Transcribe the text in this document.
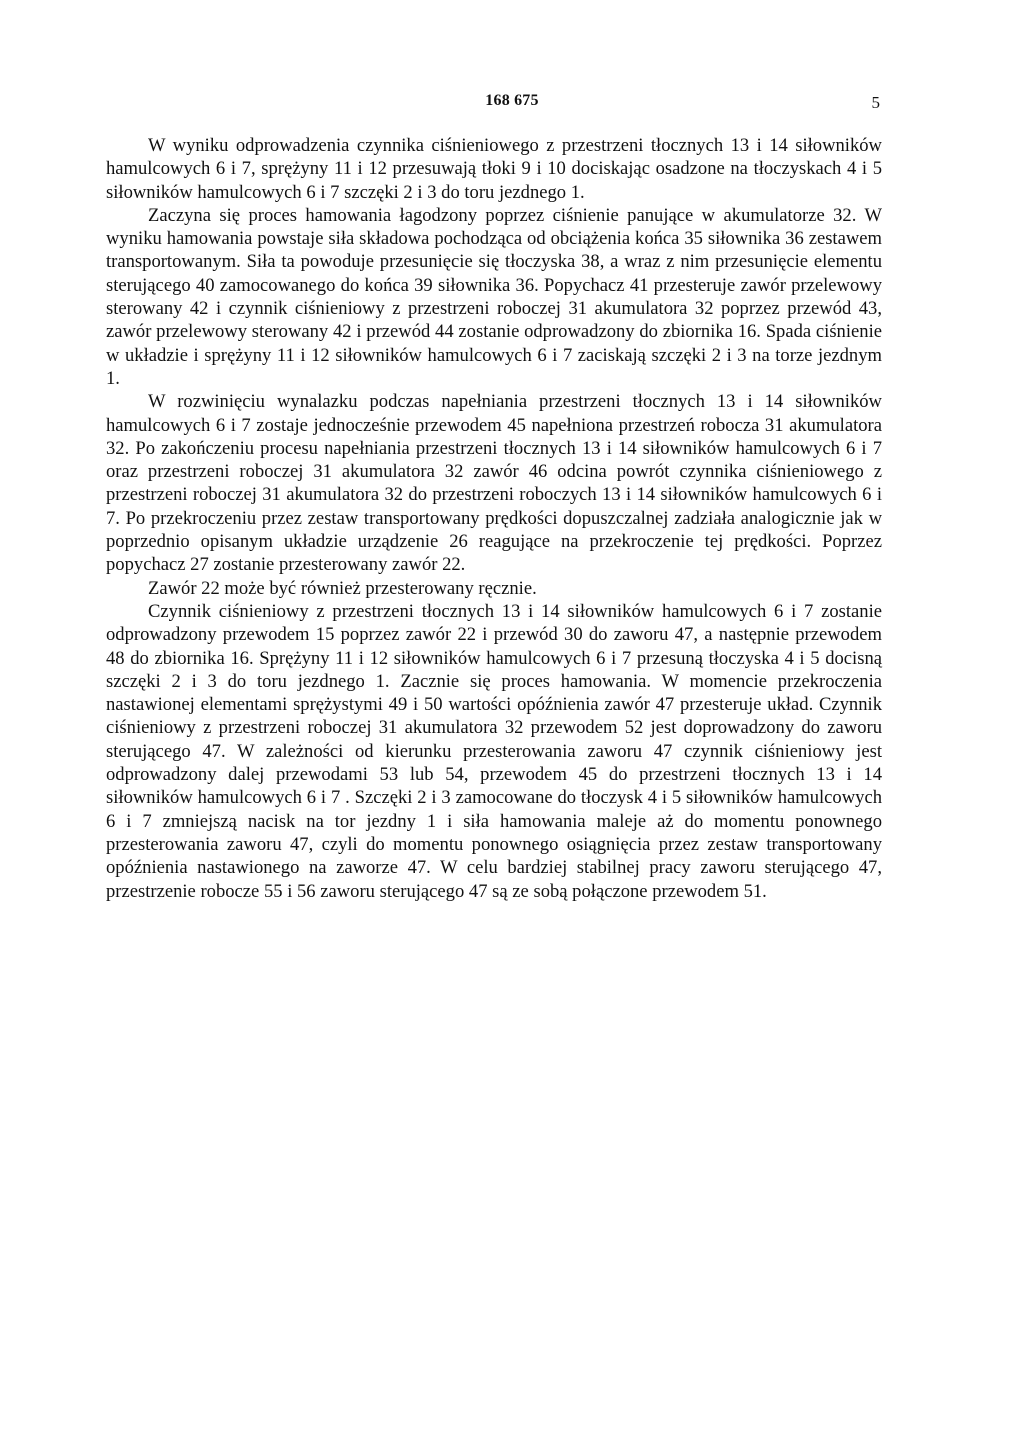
168 675	5

W wyniku odprowadzenia czynnika ciśnieniowego z przestrzeni tłocznych 13 i 14 siłowników hamulcowych 6 i 7, sprężyny 11 i 12 przesuwają tłoki 9 i 10 dociskając osadzone na tłoczyskach 4 i 5 siłowników hamulcowych 6 i 7 szczęki 2 i 3 do toru jezdnego 1.

Zaczyna się proces hamowania łagodzony poprzez ciśnienie panujące w akumulatorze 32. W wyniku hamowania powstaje siła składowa pochodząca od obciążenia końca 35 siłownika 36 zestawem transportowanym. Siła ta powoduje przesunięcie się tłoczyska 38, a wraz z nim przesunięcie elementu sterującego 40 zamocowanego do końca 39 siłownika 36. Popychacz 41 przesteruje zawór przelewowy sterowany 42 i czynnik ciśnieniowy z przestrzeni roboczej 31 akumulatora 32 poprzez przewód 43, zawór przelewowy sterowany 42 i przewód 44 zostanie odprowadzony do zbiornika 16. Spada ciśnienie w układzie i sprężyny 11 i 12 siłowników hamulcowych 6 i 7 zaciskają szczęki 2 i 3 na torze jezdnym 1.

W rozwinięciu wynalazku podczas napełniania przestrzeni tłocznych 13 i 14 siłowników hamulcowych 6 i 7 zostaje jednocześnie przewodem 45 napełniona przestrzeń robocza 31 akumulatora 32. Po zakończeniu procesu napełniania przestrzeni tłocznych 13 i 14 siłowników hamulcowych 6 i 7 oraz przestrzeni roboczej 31 akumulatora 32 zawór 46 odcina powrót czynnika ciśnieniowego z przestrzeni roboczej 31 akumulatora 32 do przestrzeni roboczych 13 i 14 siłowników hamulcowych 6 i 7. Po przekroczeniu przez zestaw transportowany prędkości dopuszczalnej zadziała analogicznie jak w poprzednio opisanym układzie urządzenie 26 reagujące na przekroczenie tej prędkości. Poprzez popychacz 27 zostanie przesterowany zawór 22.

Zawór 22 może być również przesterowany ręcznie.

Czynnik ciśnieniowy z przestrzeni tłocznych 13 i 14 siłowników hamulcowych 6 i 7 zostanie odprowadzony przewodem 15 poprzez zawór 22 i przewód 30 do zaworu 47, a następnie przewodem 48 do zbiornika 16. Sprężyny 11 i 12 siłowników hamulcowych 6 i 7 przesuną tłoczyska 4 i 5 docisną szczęki 2 i 3 do toru jezdnego 1. Zacznie się proces hamowania. W momencie przekroczenia nastawionej elementami sprężystymi 49 i 50 wartości opóźnienia zawór 47 przesteruje układ. Czynnik ciśnieniowy z przestrzeni roboczej 31 akumulatora 32 przewodem 52 jest doprowadzony do zaworu sterującego 47. W zależności od kierunku przesterowania zaworu 47 czynnik ciśnieniowy jest odprowadzony dalej przewodami 53 lub 54, przewodem 45 do przestrzeni tłocznych 13 i 14 siłowników hamulcowych 6 i 7 . Szczęki 2 i 3 zamocowane do tłoczysk 4 i 5 siłowników hamulcowych 6 i 7 zmniejszą nacisk na tor jezdny 1 i siła hamowania maleje aż do momentu ponownego przesterowania zaworu 47, czyli do momentu ponownego osiągnięcia przez zestaw transportowany opóźnienia nastawionego na zaworze 47. W celu bardziej stabilnej pracy zaworu sterującego 47, przestrzenie robocze 55 i 56 zaworu sterującego 47 są ze sobą połączone przewodem 51.
